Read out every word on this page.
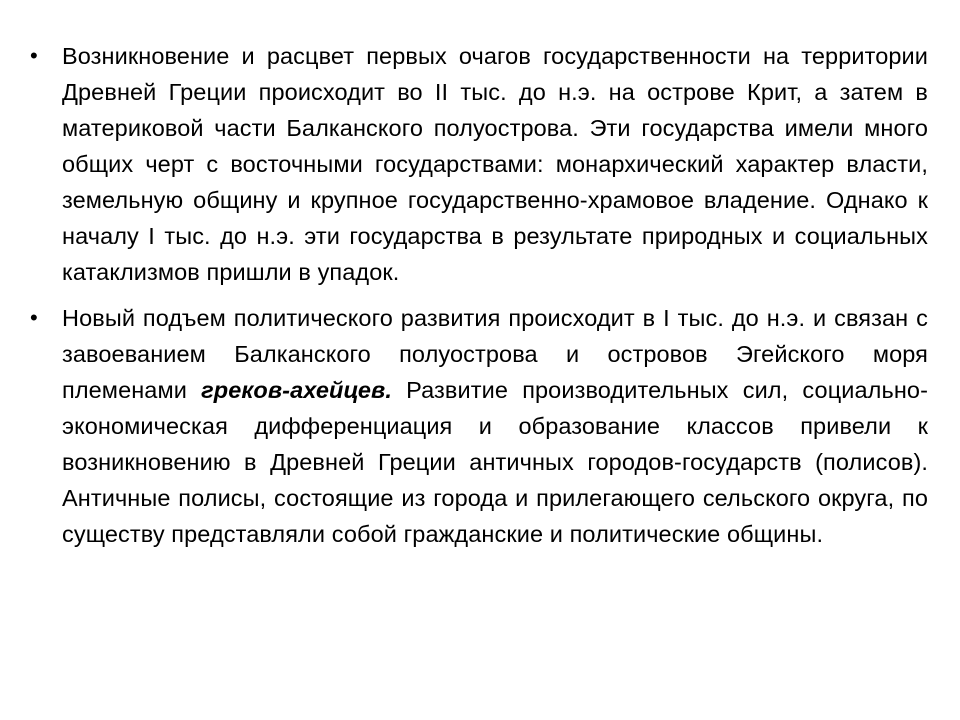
•	Возникновение и расцвет первых очагов государственности на территории Древней Греции происходит во II тыс. до н.э. на острове Крит, а затем в материковой части Балканского полуострова. Эти государства имели много общих черт с восточными государствами: монархический характер власти, земельную общину и крупное государственно-храмовое владение. Однако к началу I тыс. до н.э. эти государства в результате природных и социальных катаклизмов пришли в упадок.
•	Новый подъем политического развития происходит в I тыс. до н.э. и связан с завоеванием Балканского полуострова и островов Эгейского моря племенами греков-ахейцев. Развитие производительных сил, социально-экономическая дифференциация и образование классов привели к возникновению в Древней Греции античных городов-государств (полисов). Античные полисы, состоящие из города и прилегающего сельского округа, по существу представляли собой гражданские и политические общины.
